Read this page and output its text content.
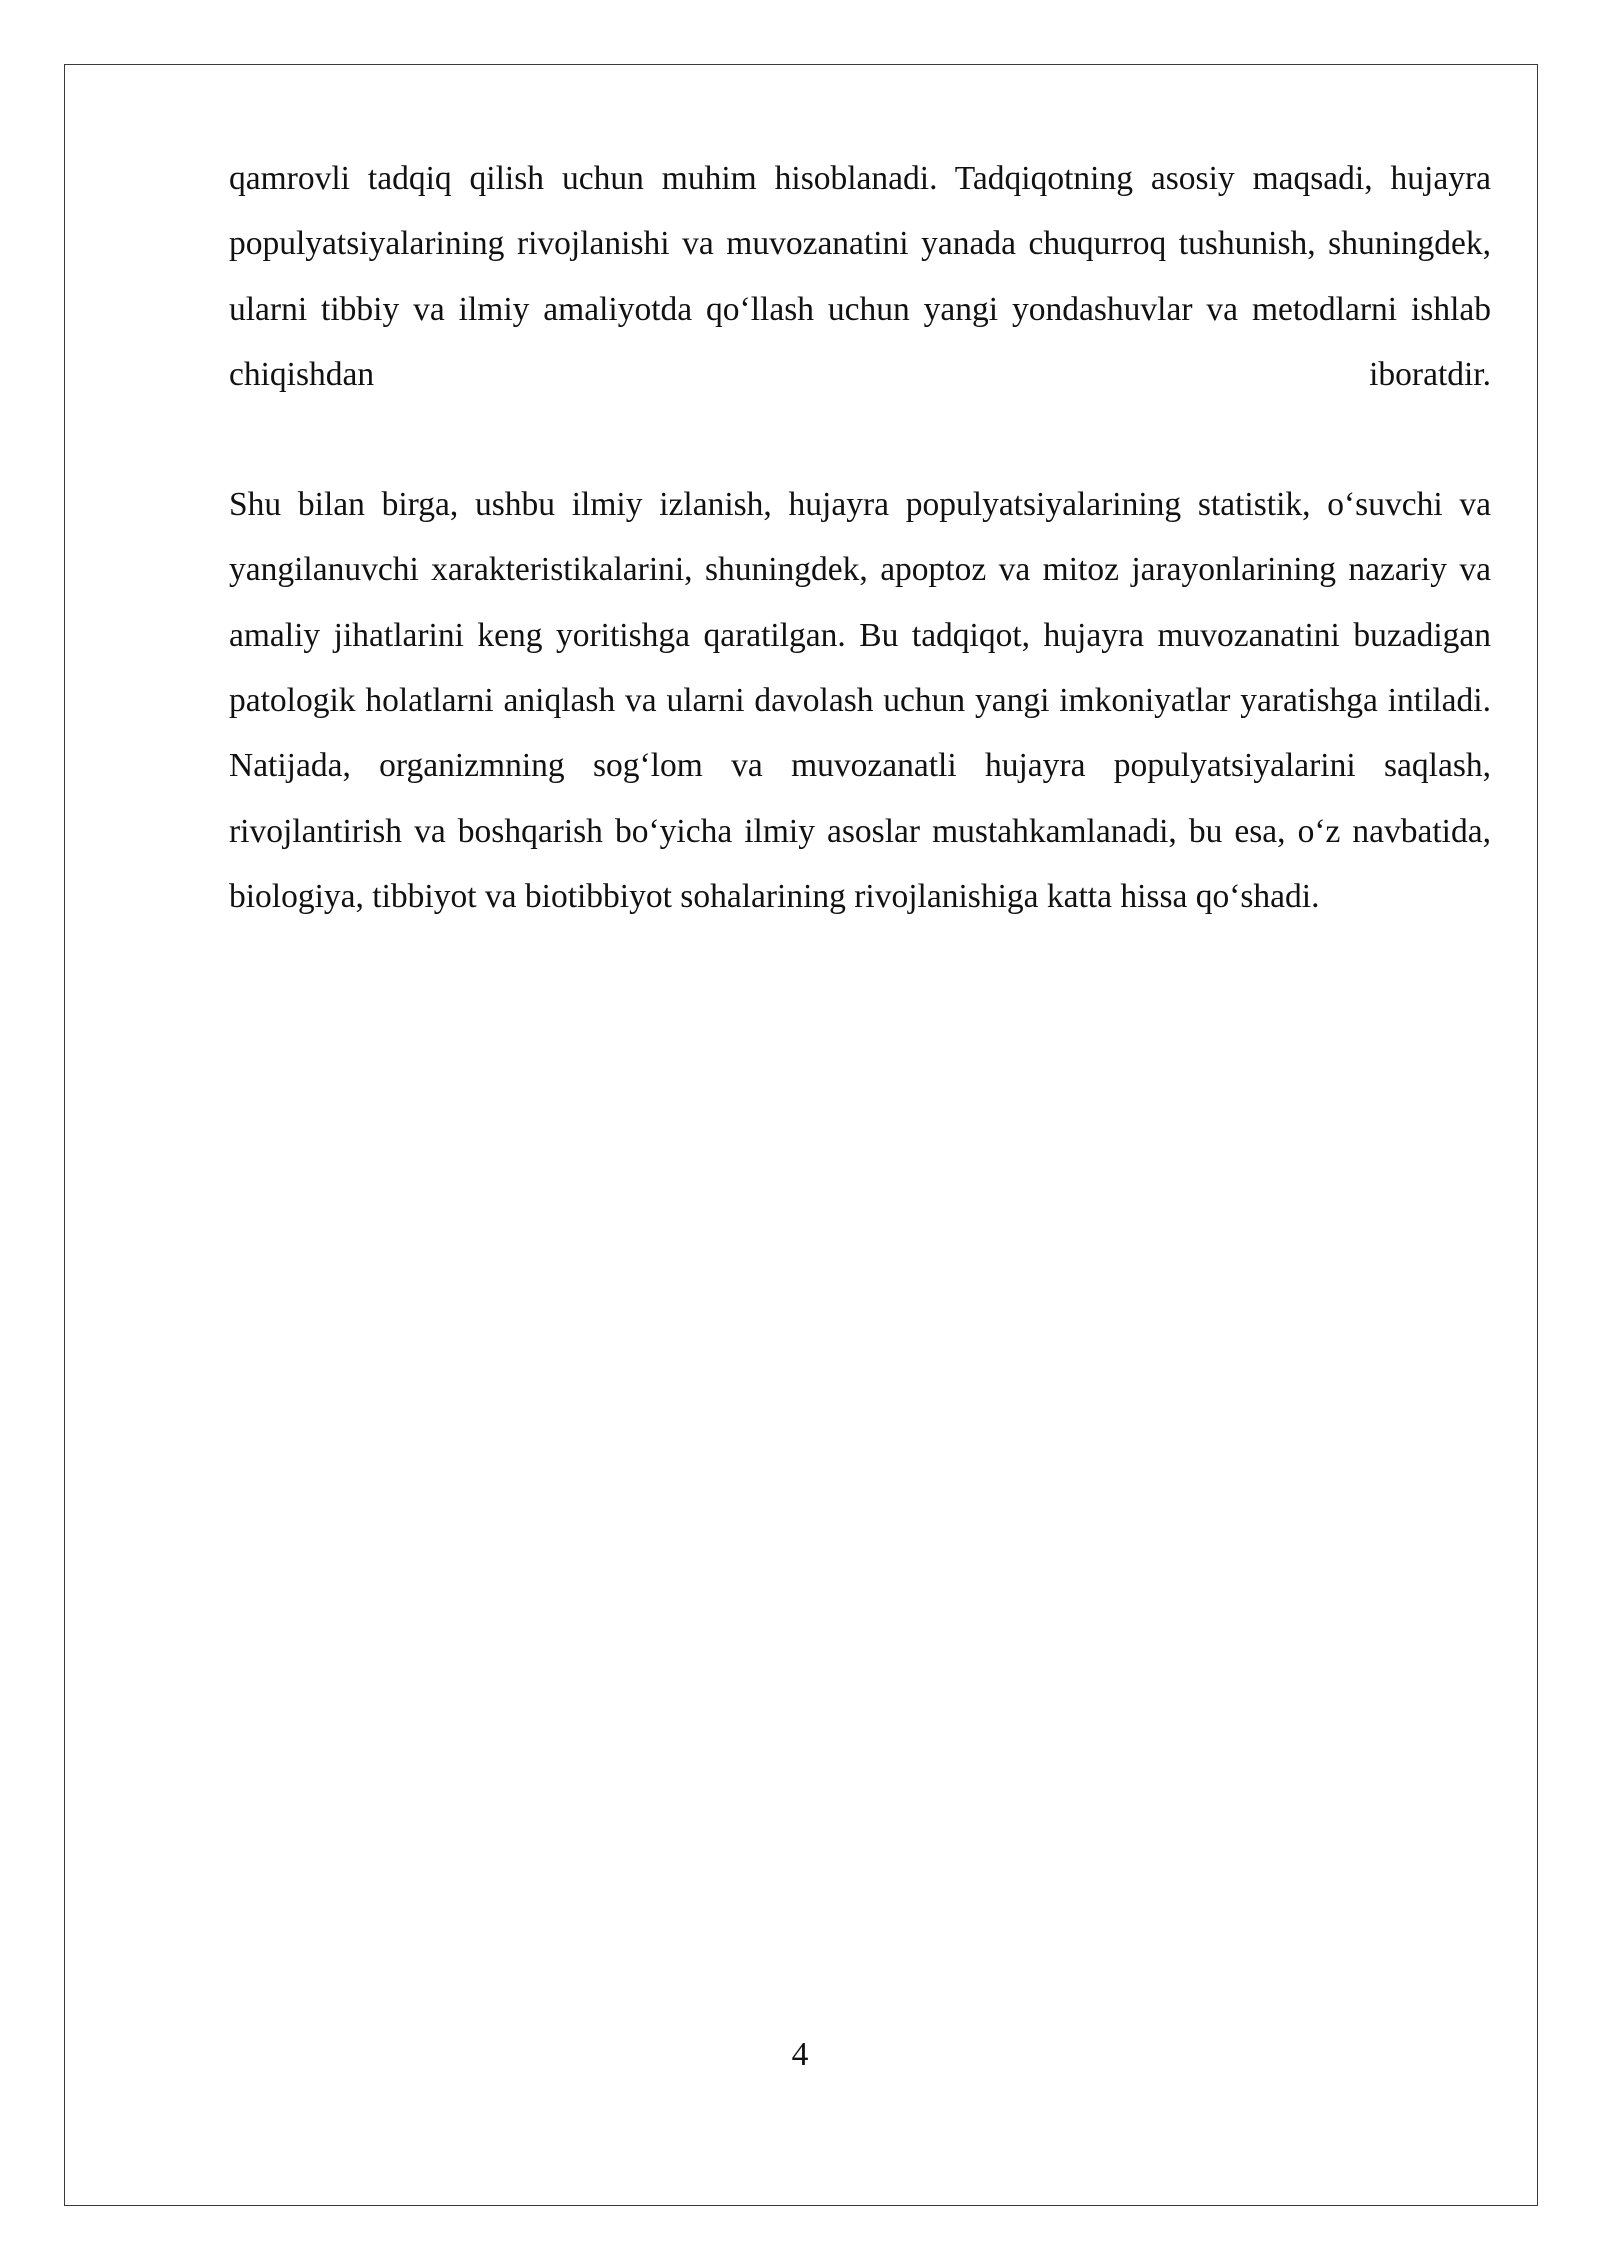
qamrovli tadqiq qilish uchun muhim hisoblanadi. Tadqiqotning asosiy maqsadi, hujayra populyatsiyalarining rivojlanishi va muvozanatini yanada chuqurroq tushunish, shuningdek, ularni tibbiy va ilmiy amaliyotda qo‘llash uchun yangi yondashuvlar va metodlarni ishlab chiqishdan iboratdir.

Shu bilan birga, ushbu ilmiy izlanish, hujayra populyatsiyalarining statistik, o‘suvchi va yangilanuvchi xarakteristikalarini, shuningdek, apoptoz va mitoz jarayonlarining nazariy va amaliy jihatlarini keng yoritishga qaratilgan. Bu tadqiqot, hujayra muvozanatini buzadigan patologik holatlarni aniqlash va ularni davolash uchun yangi imkoniyatlar yaratishga intiladi. Natijada, organizmning sog‘lom va muvozanatli hujayra populyatsiyalarini saqlash, rivojlantirish va boshqarish bo‘yicha ilmiy asoslar mustahkamlanadi, bu esa, o‘z navbatida, biologiya, tibbiyot va biotibbiyot sohalarining rivojlanishiga katta hissa qo‘shadi.

4
